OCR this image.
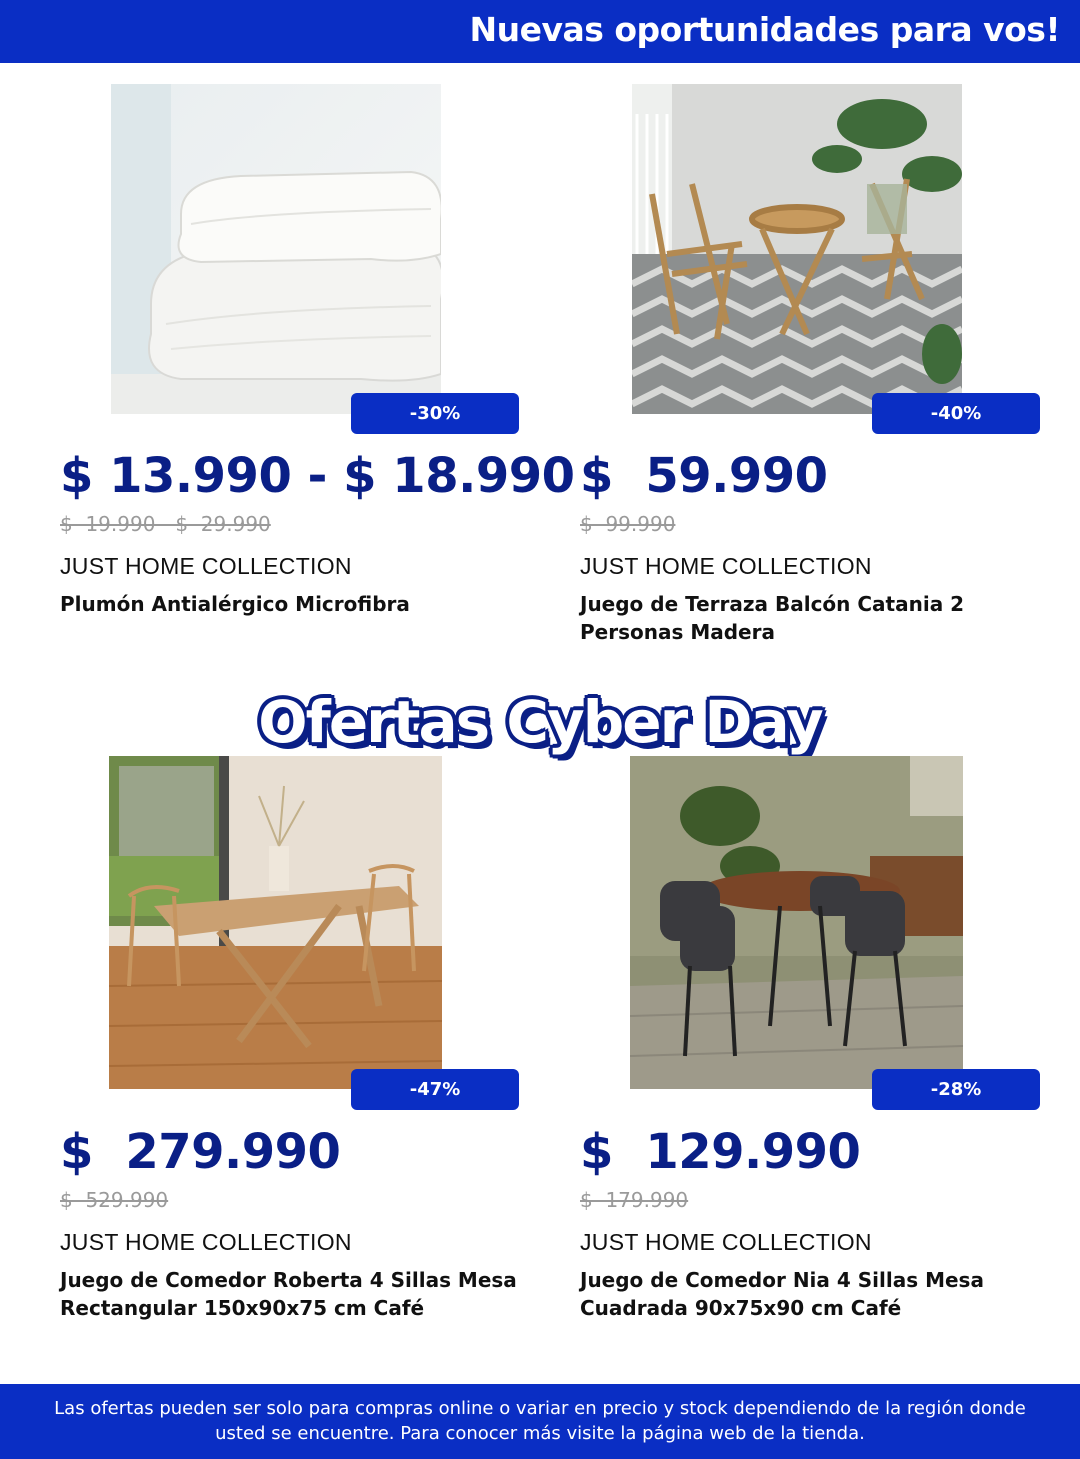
Nuevas oportunidades para vos!
-30%
$ 13.990 - $ 18.990
$  19.990 - $  29.990
JUST HOME COLLECTION
Plumón Antialérgico Microfibra
-40%
$  59.990
$  99.990
JUST HOME COLLECTION
Juego de Terraza Balcón Catania 2 Personas Madera
Ofertas Cyber Day
-47%
$  279.990
$  529.990
JUST HOME COLLECTION
Juego de Comedor Roberta 4 Sillas Mesa Rectangular 150x90x75 cm Café
-28%
$  129.990
$  179.990
JUST HOME COLLECTION
Juego de Comedor Nia 4 Sillas Mesa Cuadrada 90x75x90 cm Café
Las ofertas pueden ser solo para compras online o variar en precio y stock dependiendo de la región donde usted se encuentre. Para conocer más visite la página web de la tienda.
